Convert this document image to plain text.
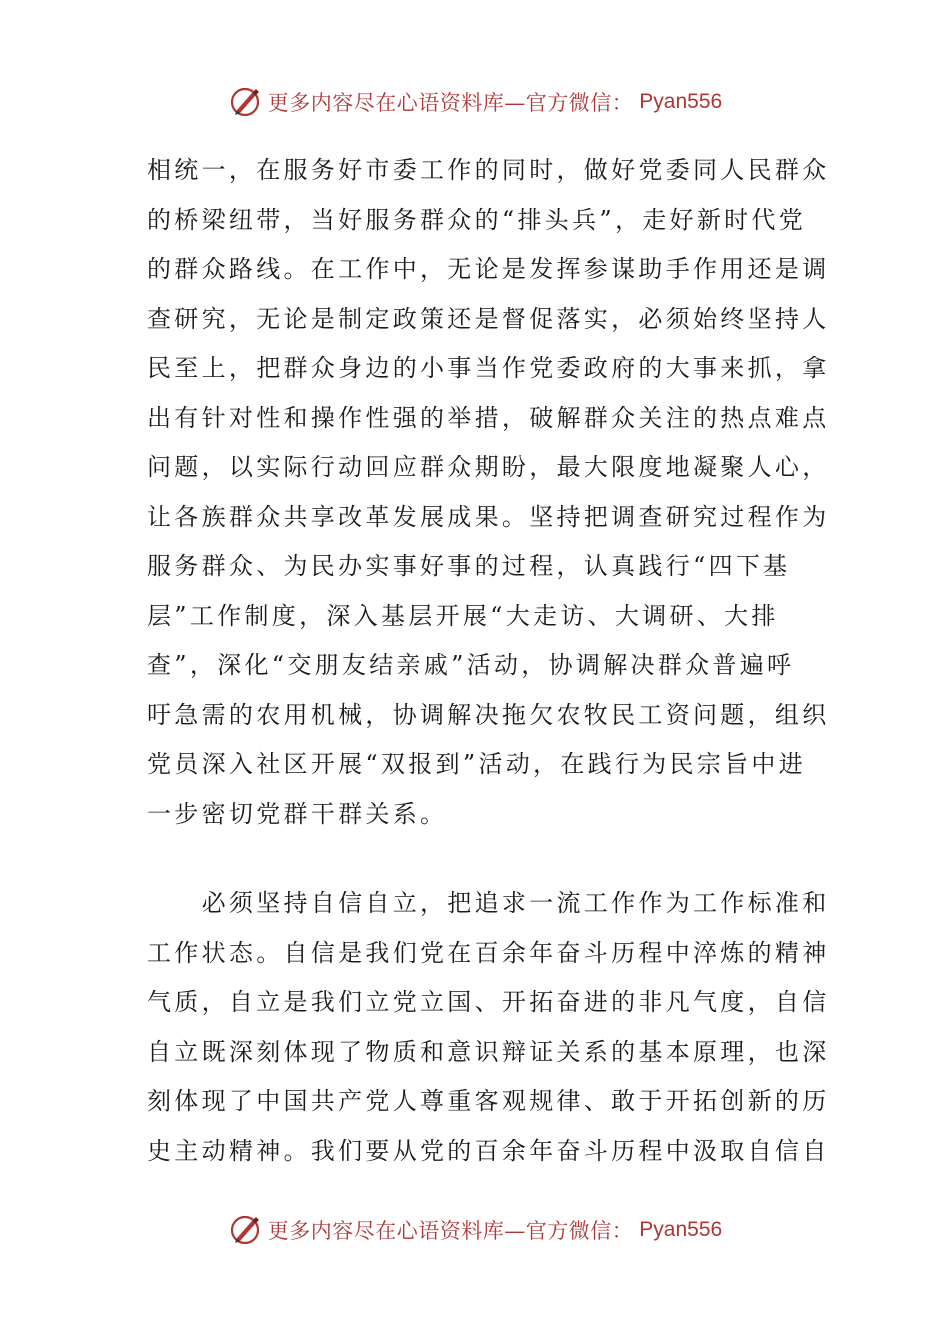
更多内容尽在心语资料库—官方微信： Pyan556
相统一，在服务好市委工作的同时，做好党委同人民群众
的桥梁纽带，当好服务群众的“排头兵”，走好新时代党
的群众路线。在工作中，无论是发挥参谋助手作用还是调
查研究，无论是制定政策还是督促落实，必须始终坚持人
民至上，把群众身边的小事当作党委政府的大事来抓，拿
出有针对性和操作性强的举措，破解群众关注的热点难点
问题，以实际行动回应群众期盼，最大限度地凝聚人心，
让各族群众共享改革发展成果。坚持把调查研究过程作为
服务群众、为民办实事好事的过程，认真践行“四下基
层”工作制度，深入基层开展“大走访、大调研、大排
查”，深化“交朋友结亲戚”活动，协调解决群众普遍呼
吁急需的农用机械，协调解决拖欠农牧民工资问题，组织
党员深入社区开展“双报到”活动，在践行为民宗旨中进
一步密切党群干群关系。
　　必须坚持自信自立，把追求一流工作作为工作标准和
工作状态。自信是我们党在百余年奋斗历程中淬炼的精神
气质，自立是我们立党立国、开拓奋进的非凡气度，自信
自立既深刻体现了物质和意识辩证关系的基本原理，也深
刻体现了中国共产党人尊重客观规律、敢于开拓创新的历
史主动精神。我们要从党的百余年奋斗历程中汲取自信自
更多内容尽在心语资料库—官方微信： Pyan556
